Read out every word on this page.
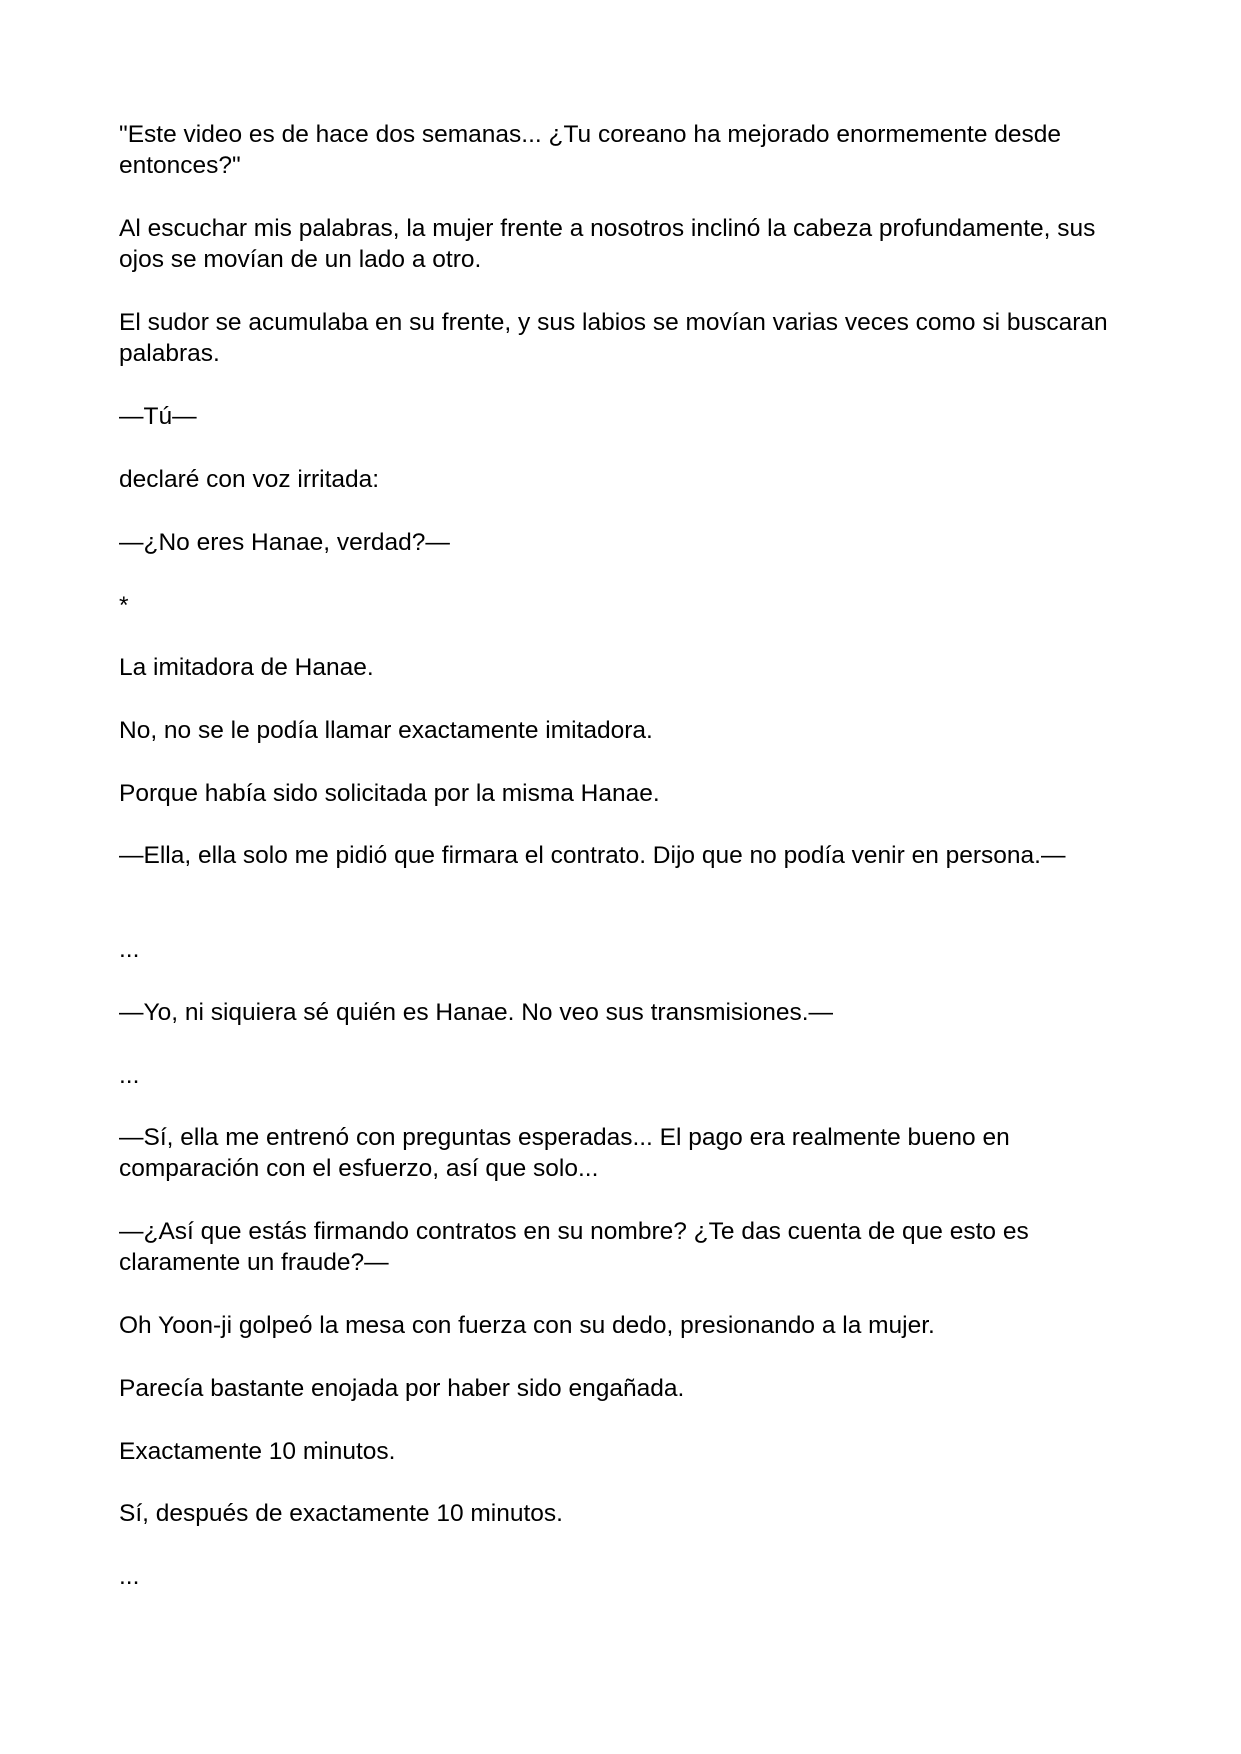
"Este video es de hace dos semanas... ¿Tu coreano ha mejorado enormemente desde entonces?"

Al escuchar mis palabras, la mujer frente a nosotros inclinó la cabeza profundamente, sus ojos se movían de un lado a otro.

El sudor se acumulaba en su frente, y sus labios se movían varias veces como si buscaran palabras.

—Tú—

declaré con voz irritada:

—¿No eres Hanae, verdad?—

*

La imitadora de Hanae.

No, no se le podía llamar exactamente imitadora.

Porque había sido solicitada por la misma Hanae.

—Ella, ella solo me pidió que firmara el contrato. Dijo que no podía venir en persona.—

...

—Yo, ni siquiera sé quién es Hanae. No veo sus transmisiones.—

...

—Sí, ella me entrenó con preguntas esperadas... El pago era realmente bueno en comparación con el esfuerzo, así que solo...

—¿Así que estás firmando contratos en su nombre? ¿Te das cuenta de que esto es claramente un fraude?—

Oh Yoon-ji golpeó la mesa con fuerza con su dedo, presionando a la mujer.

Parecía bastante enojada por haber sido engañada.

Exactamente 10 minutos.

Sí, después de exactamente 10 minutos.

...
